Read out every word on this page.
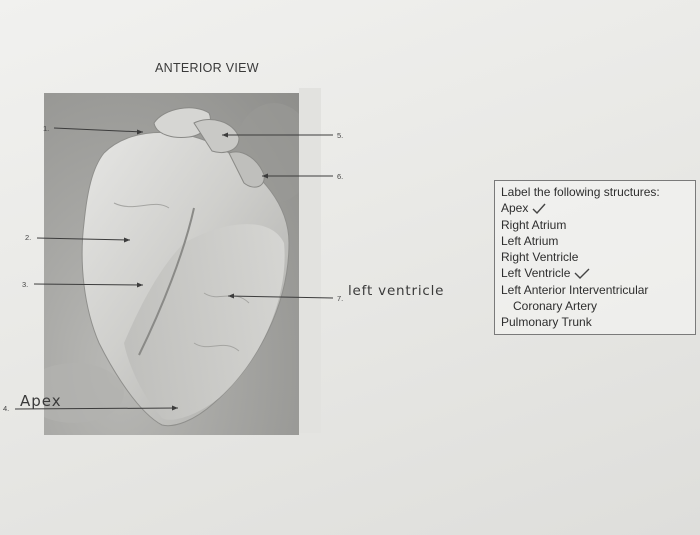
ANTERIOR VIEW
1.
2.
3.
4.
5.
6.
7.
Apex
left ventricle
Label the following structures:
Apex
Right Atrium
Left Atrium
Right Ventricle
Left Ventricle
Left Anterior Interventricular
Coronary Artery
Pulmonary Trunk
